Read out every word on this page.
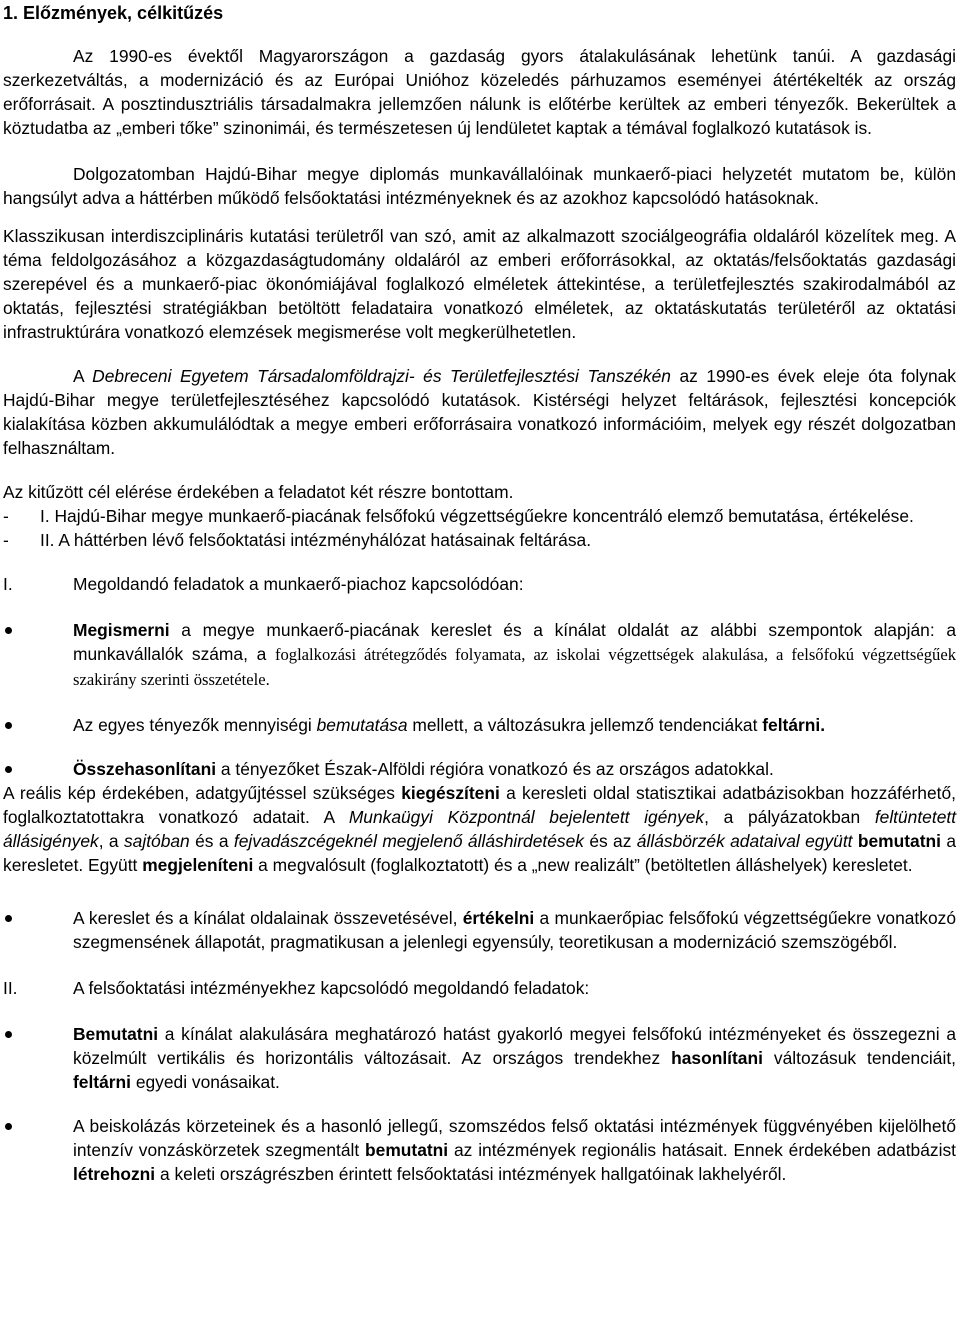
1. Előzmények, célkitűzés

Az 1990-es évektől Magyarországon a gazdaság gyors átalakulásának lehetünk tanúi. A gazdasági szerkezetváltás, a modernizáció és az Európai Unióhoz közeledés párhuzamos eseményei átértékelték az ország erőforrásait. A posztindusztriális társadalmakra jellemzően nálunk is előtérbe kerültek az emberi tényezők. Bekerültek a köztudatba az „emberi tőke” szinonimái, és természetesen új lendületet kaptak a témával foglalkozó kutatások is.

Dolgozatomban Hajdú-Bihar megye diplomás munkavállalóinak munkaerő-piaci helyzetét mutatom be, külön hangsúlyt adva a háttérben működő felsőoktatási intézményeknek és az azokhoz kapcsolódó hatásoknak.

Klasszikusan interdiszciplináris kutatási területről van szó, amit az alkalmazott szociálgeográfia oldaláról közelítek meg. A téma feldolgozásához a közgazdaságtudomány oldaláról az emberi erőforrásokkal, az oktatás/felsőoktatás gazdasági szerepével és a munkaerő-piac ökonómiájával foglalkozó elméletek áttekintése, a területfejlesztés szakirodalmából az oktatás, fejlesztési stratégiákban betöltött feladataira vonatkozó elméletek, az oktatáskutatás területéről az oktatási infrastruktúrára vonatkozó elemzések megismerése volt megkerülhetetlen.

A Debreceni Egyetem Társadalomföldrajzi- és Területfejlesztési Tanszékén az 1990-es évek eleje óta folynak Hajdú-Bihar megye területfejlesztéséhez kapcsolódó kutatások. Kistérségi helyzet feltárások, fejlesztési koncepciók kialakítása közben akkumulálódtak a megye emberi erőforrásaira vonatkozó információim, melyek egy részét dolgozatban felhasználtam.

Az kitűzött cél elérése érdekében a feladatot két részre bontottam.

- I. Hajdú-Bihar megye munkaerő-piacának felsőfokú végzettségűekre koncentráló elemző bemutatása, értékelése.
- II. A háttérben lévő felsőoktatási intézményhálózat hatásainak feltárása.
I.	Megoldandó feladatok a munkaerő-piachoz kapcsolódóan:

Megismerni a megye munkaerő-piacának kereslet és a kínálat oldalát az alábbi szempontok alapján: a munkavállalók száma, a foglalkozási átrétegződés folyamata, az iskolai végzettségek alakulása, a felsőfokú végzettségűek szakirány szerinti összetétele.

Az egyes tényezők mennyiségi bemutatása mellett, a változásukra jellemző tendenciákat feltárni.

Összehasonlítani a tényezőket Észak-Alföldi régióra vonatkozó és az országos adatokkal.

A reális kép érdekében, adatgyűjtéssel szükséges kiegészíteni a keresleti oldal statisztikai adatbázisokban hozzáférhető, foglalkoztatottakra vonatkozó adatait. A Munkaügyi Központnál bejelentett igények, a pályázatokban feltüntetett állásigények, a sajtóban és a fejvadászcégeknél megjelenő álláshirdetések és az állásbörzék adataival együtt bemutatni a keresletet. Együtt megjeleníteni a megvalósult (foglalkoztatott) és a „new realizált” (betöltetlen álláshelyek) keresletet.

A kereslet és a kínálat oldalainak összevetésével, értékelni a munkaerőpiac felsőfokú végzettségűekre vonatkozó szegmensének állapotát, pragmatikusan a jelenlegi egyensúly, teoretikusan a modernizáció szemszögéből.

II.	A felsőoktatási intézményekhez kapcsolódó megoldandó feladatok:

Bemutatni a kínálat alakulására meghatározó hatást gyakorló megyei felsőfokú intézményeket és összegezni a közelmúlt vertikális és horizontális változásait. Az országos trendekhez hasonlítani változásuk tendenciáit, feltárni egyedi vonásaikat.

A beiskolázás körzeteinek és a hasonló jellegű, szomszédos felső oktatási intézmények függvényében kijelölhető intenzív vonzáskörzetek szegmentált bemutatni az intézmények regionális hatásait. Ennek érdekében adatbázist létrehozni a keleti országrészben érintett felsőoktatási intézmények hallgatóinak lakhelyéről.
